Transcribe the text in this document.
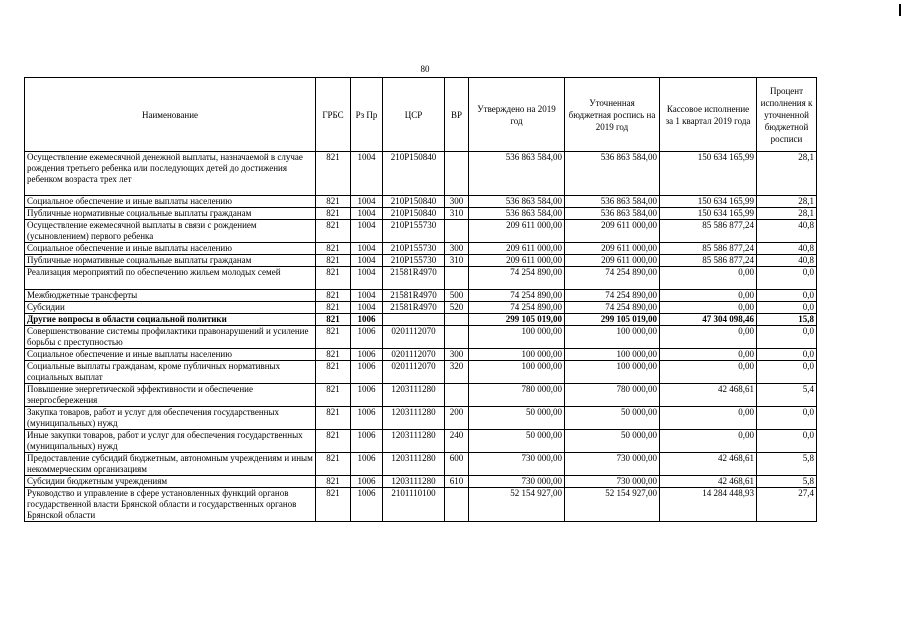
80
Наименование	ГРБС	Рз Пр	ЦСР	ВР	Утверждено на 2019 год	Уточненная бюджетная роспись на 2019 год	Кассовое исполнение за 1 квартал 2019 года	Процент исполнения к уточненной бюджетной росписи
Осуществление ежемесячной денежной выплаты, назначаемой в случае рождения третьего ребенка или последующих детей до достижения ребенком возраста трех лет	821	1004	210P150840		536 863 584,00	536 863 584,00	150 634 165,99	28,1
Социальное обеспечение и иные выплаты населению	821	1004	210P150840	300	536 863 584,00	536 863 584,00	150 634 165,99	28,1
Публичные нормативные социальные выплаты гражданам	821	1004	210P150840	310	536 863 584,00	536 863 584,00	150 634 165,99	28,1
Осуществление ежемесячной выплаты в связи с рождением (усыновлением) первого ребенка	821	1004	210P155730		209 611 000,00	209 611 000,00	85 586 877,24	40,8
Социальное обеспечение и иные выплаты населению	821	1004	210P155730	300	209 611 000,00	209 611 000,00	85 586 877,24	40,8
Публичные нормативные социальные выплаты гражданам	821	1004	210P155730	310	209 611 000,00	209 611 000,00	85 586 877,24	40,8
Реализация мероприятий по обеспечению жильем молодых семей	821	1004	21581R4970		74 254 890,00	74 254 890,00	0,00	0,0
Межбюджетные трансферты	821	1004	21581R4970	500	74 254 890,00	74 254 890,00	0,00	0,0
Субсидии	821	1004	21581R4970	520	74 254 890,00	74 254 890,00	0,00	0,0
Другие вопросы в области социальной политики	821	1006			299 105 019,00	299 105 019,00	47 304 098,46	15,8
Совершенствование системы профилактики правонарушений и усиление борьбы с преступностью	821	1006	0201112070		100 000,00	100 000,00	0,00	0,0
Социальное обеспечение и иные выплаты населению	821	1006	0201112070	300	100 000,00	100 000,00	0,00	0,0
Социальные выплаты гражданам, кроме публичных нормативных социальных выплат	821	1006	0201112070	320	100 000,00	100 000,00	0,00	0,0
Повышение энергетической эффективности и обеспечение энергосбережения	821	1006	1203111280		780 000,00	780 000,00	42 468,61	5,4
Закупка товаров, работ и услуг для обеспечения государственных (муниципальных) нужд	821	1006	1203111280	200	50 000,00	50 000,00	0,00	0,0
Иные закупки товаров, работ и услуг для обеспечения государственных (муниципальных) нужд	821	1006	1203111280	240	50 000,00	50 000,00	0,00	0,0
Предоставление субсидий бюджетным, автономным учреждениям и иным некоммерческим организациям	821	1006	1203111280	600	730 000,00	730 000,00	42 468,61	5,8
Субсидии бюджетным учреждениям	821	1006	1203111280	610	730 000,00	730 000,00	42 468,61	5,8
Руководство и управление в сфере установленных функций органов государственной власти Брянской области и государственных органов Брянской области	821	1006	2101110100		52 154 927,00	52 154 927,00	14 284 448,93	27,4
